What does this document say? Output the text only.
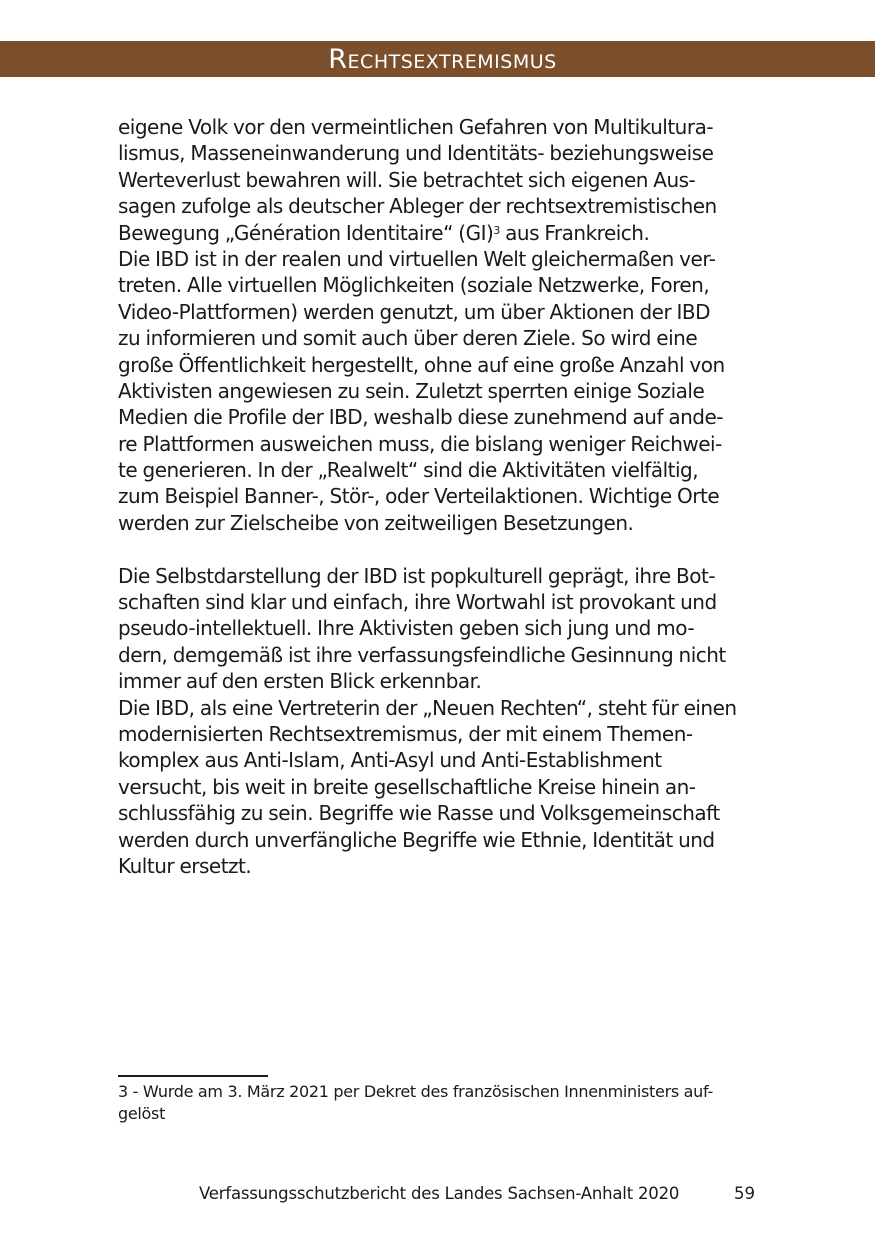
Rechtsextremismus
eigene Volk vor den vermeintlichen Gefahren von Multikultura-
lismus, Masseneinwanderung und Identitäts- beziehungsweise
Werteverlust bewahren will. Sie betrachtet sich eigenen Aus-
sagen zufolge als deutscher Ableger der rechtsextremistischen
Bewegung „Génération Identitaire“ (GI)$^3$ aus Frankreich.
Die IBD ist in der realen und virtuellen Welt gleichermaßen ver-
treten. Alle virtuellen Möglichkeiten (soziale Netzwerke, Foren,
Video-Plattformen) werden genutzt, um über Aktionen der IBD
zu informieren und somit auch über deren Ziele. So wird eine
große Öffentlichkeit hergestellt, ohne auf eine große Anzahl von
Aktivisten angewiesen zu sein. Zuletzt sperrten einige Soziale
Medien die Profile der IBD, weshalb diese zunehmend auf ande-
re Plattformen ausweichen muss, die bislang weniger Reichwei-
te generieren. In der „Realwelt“ sind die Aktivitäten vielfältig,
zum Beispiel Banner-, Stör-, oder Verteilaktionen. Wichtige Orte
werden zur Zielscheibe von zeitweiligen Besetzungen.
Die Selbstdarstellung der IBD ist popkulturell geprägt, ihre Bot-
schaften sind klar und einfach, ihre Wortwahl ist provokant und
pseudo-intellektuell. Ihre Aktivisten geben sich jung und mo-
dern, demgemäß ist ihre verfassungsfeindliche Gesinnung nicht
immer auf den ersten Blick erkennbar.
Die IBD, als eine Vertreterin der „Neuen Rechten“, steht für einen
modernisierten Rechtsextremismus, der mit einem Themen-
komplex aus Anti-Islam, Anti-Asyl und Anti-Establishment
versucht, bis weit in breite gesellschaftliche Kreise hinein an-
schlussfähig zu sein. Begriffe wie Rasse und Volksgemeinschaft
werden durch unverfängliche Begriffe wie Ethnie, Identität und
Kultur ersetzt.
3 - Wurde am 3. März 2021 per Dekret des französischen Innenministers auf-
gelöst
Verfassungsschutzbericht des Landes Sachsen-Anhalt 2020	59
